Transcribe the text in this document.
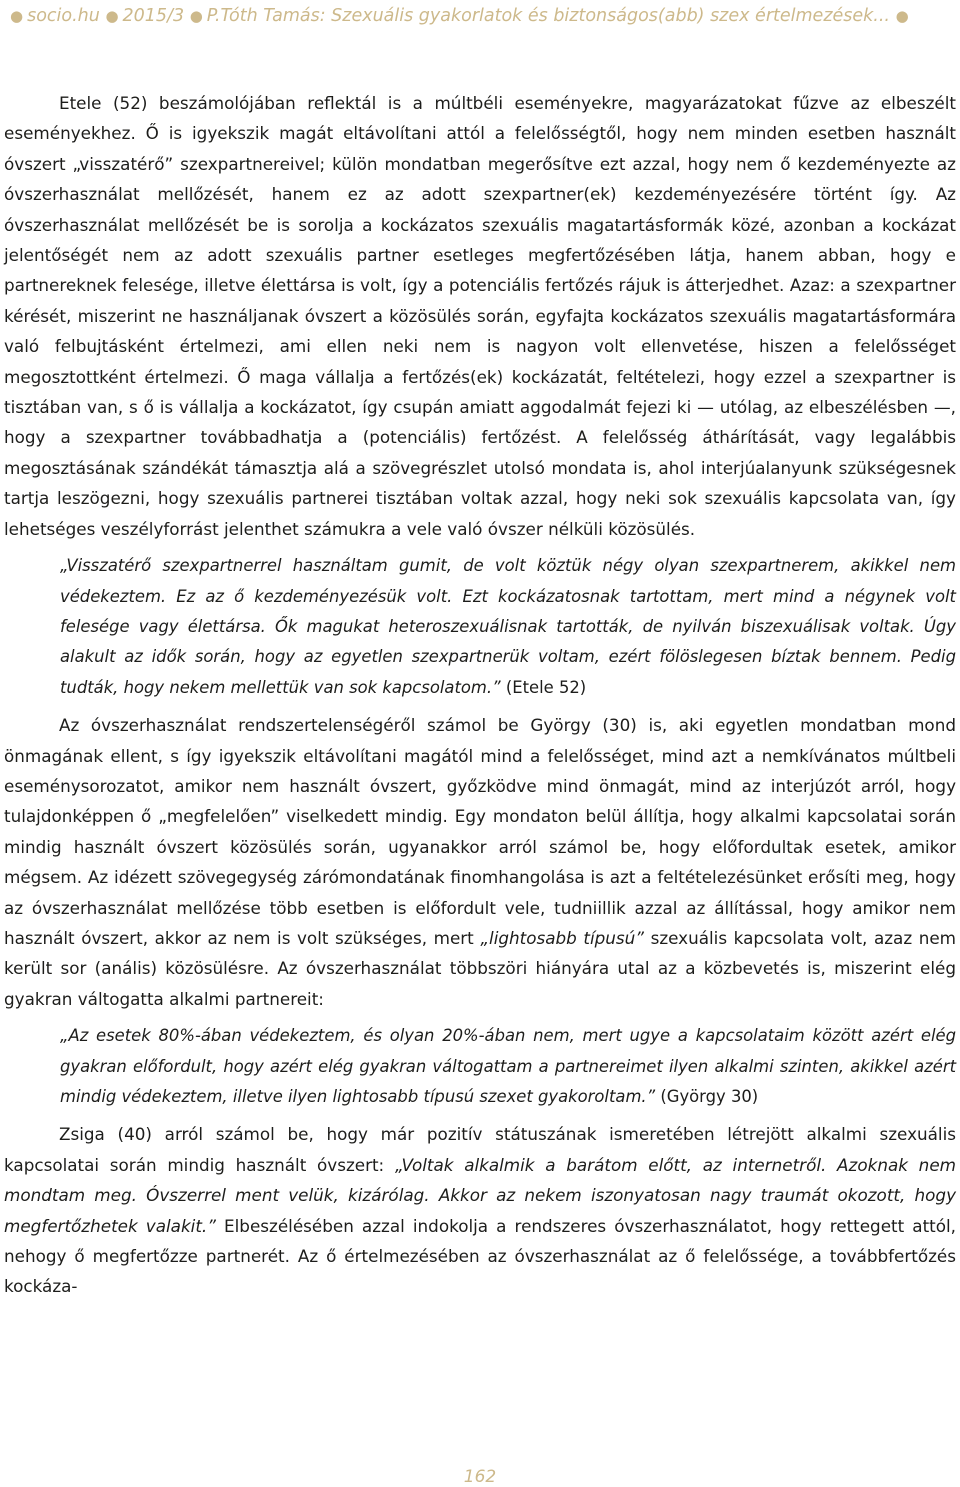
● socio.hu ● 2015/3 ● P.Tóth Tamás: Szexuális gyakorlatok és biztonságos(abb) szex értelmezések... ●

Etele (52) beszámolójában reflektál is a múltbéli eseményekre, magyarázatokat fűzve az elbeszélt eseményekhez. Ő is igyekszik magát eltávolítani attól a felelősségtől, hogy nem minden esetben használt óvszert „visszatérő” szexpartnereivel; külön mondatban megerősítve ezt azzal, hogy nem ő kezdeményezte az óvszerhasználat mellőzését, hanem ez az adott szexpartner(ek) kezdeményezésére történt így. Az óvszerhasználat mellőzését be is sorolja a kockázatos szexuális magatartásformák közé, azonban a kockázat jelentőségét nem az adott szexuális partner esetleges megfertőzésében látja, hanem abban, hogy e partnereknek felesége, illetve élettársa is volt, így a potenciális fertőzés rájuk is átterjedhet. Azaz: a szexpartner kérését, miszerint ne használjanak óvszert a közösülés során, egyfajta kockázatos szexuális magatartásformára való felbujtásként értelmezi, ami ellen neki nem is nagyon volt ellenvetése, hiszen a felelősséget megosztottként értelmezi. Ő maga vállalja a fertőzés(ek) kockázatát, feltételezi, hogy ezzel a szexpartner is tisztában van, s ő is vállalja a kockázatot, így csupán amiatt aggodalmát fejezi ki — utólag, az elbeszélésben —, hogy a szexpartner továbbadhatja a (potenciális) fertőzést. A felelősség áthárítását, vagy legalábbis megosztásának szándékát támasztja alá a szövegrészlet utolsó mondata is, ahol interjúalanyunk szükségesnek tartja leszögezni, hogy szexuális partnerei tisztában voltak azzal, hogy neki sok szexuális kapcsolata van, így lehetséges veszélyforrást jelenthet számukra a vele való óvszer nélküli közösülés.

„Visszatérő szexpartnerrel használtam gumit, de volt köztük négy olyan szexpartnerem, akikkel nem védekeztem. Ez az ő kezdeményezésük volt. Ezt kockázatosnak tartottam, mert mind a négynek volt felesége vagy élettársa. Ők magukat heteroszexuálisnak tartották, de nyilván biszexuálisak voltak. Úgy alakult az idők során, hogy az egyetlen szexpartnerük voltam, ezért fölöslegesen bíztak bennem. Pedig tudták, hogy nekem mellettük van sok kapcsolatom.” (Etele 52)

Az óvszerhasználat rendszertelenségéről számol be György (30) is, aki egyetlen mondatban mond önmagának ellent, s így igyekszik eltávolítani magától mind a felelősséget, mind azt a nemkívánatos múltbeli eseménysorozatot, amikor nem használt óvszert, győzködve mind önmagát, mind az interjúzót arról, hogy tulajdonképpen ő „megfelelően” viselkedett mindig. Egy mondaton belül állítja, hogy alkalmi kapcsolatai során mindig használt óvszert közösülés során, ugyanakkor arról számol be, hogy előfordultak esetek, amikor mégsem. Az idézett szövegegység zárómondatának finomhangolása is azt a feltételezésünket erősíti meg, hogy az óvszerhasználat mellőzése több esetben is előfordult vele, tudniillik azzal az állítással, hogy amikor nem használt óvszert, akkor az nem is volt szükséges, mert „lightosabb típusú” szexuális kapcsolata volt, azaz nem került sor (anális) közösülésre. Az óvszerhasználat többszöri hiányára utal az a közbevetés is, miszerint elég gyakran váltogatta alkalmi partnereit:

„Az esetek 80%-ában védekeztem, és olyan 20%-ában nem, mert ugye a kapcsolataim között azért elég gyakran előfordult, hogy azért elég gyakran váltogattam a partnereimet ilyen alkalmi szinten, akikkel azért mindig védekeztem, illetve ilyen lightosabb típusú szexet gyakoroltam.” (György 30)

Zsiga (40) arról számol be, hogy már pozitív státuszának ismeretében létrejött alkalmi szexuális kapcsolatai során mindig használt óvszert: „Voltak alkalmik a barátom előtt, az internetről. Azoknak nem mondtam meg. Óvszerrel ment velük, kizárólag. Akkor az nekem iszonyatosan nagy traumát okozott, hogy megfertőzhetek valakit.” Elbeszélésében azzal indokolja a rendszeres óvszerhasználatot, hogy rettegett attól, nehogy ő megfertőzze partnerét. Az ő értelmezésében az óvszerhasználat az ő felelőssége, a továbbfertőzés kockáza-

162
